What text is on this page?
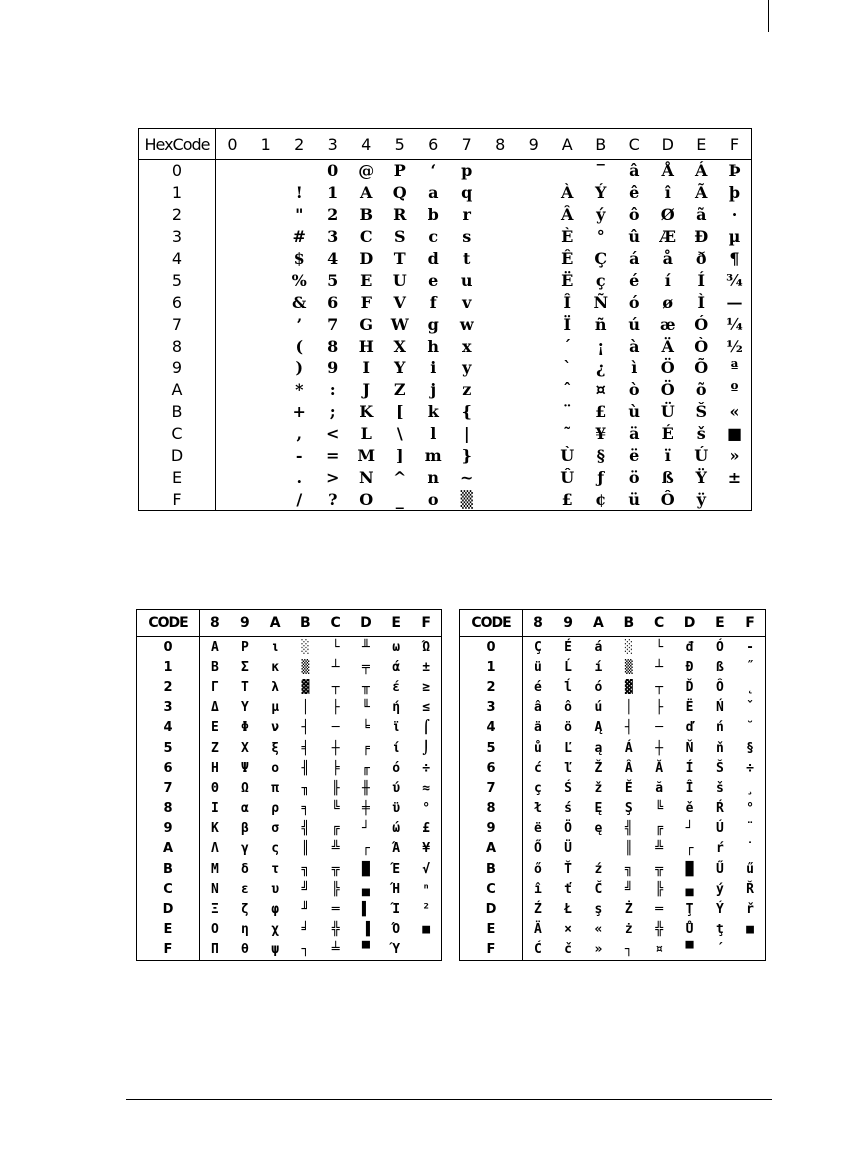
HexCode	0	1	2	3	4	5	6	7	8	9	A	B	C	D	E	F
0				0	@	P	‘	p				‾	â	Å	Á	Þ
1			!	1	A	Q	a	q			À	Ý	ê	î	Ã	þ
2			"	2	B	R	b	r			Â	ý	ô	Ø	ã	·
3			#	3	C	S	c	s			È	°	û	Æ	Ð	µ
4			$	4	D	T	d	t			Ê	Ç	á	å	ð	¶
5			%	5	E	U	e	u			Ë	ç	é	í	Í	¾
6			&	6	F	V	f	v			Î	Ñ	ó	ø	Ì	—
7			’	7	G	W	g	w			Ï	ñ	ú	æ	Ó	¼
8			(	8	H	X	h	x			´	¡	à	Ä	Ò	½
9			)	9	I	Y	i	y			`	¿	ì	Ö	Õ	ª
A			*	:	J	Z	j	z			ˆ	¤	ò	Ö	õ	º
B			+	;	K	[	k	{			¨	£	ù	Ü	Š	«
C			,	<	L	\	l	|			˜	¥	ä	É	š	■
D			-	=	M	]	m	}			Ù	§	ë	ï	Ú	»
E			.	>	N	^	n	~			Û	ƒ	ö	ß	Ÿ	±
F			/	?	O	_	o	▒			£	¢	ü	Ô	ÿ	
CODE	8	9	A	B	C	D	E	F
0	Α	Ρ	ι	░	└	╨	ω	Ώ
1	Β	Σ	κ	▒	┴	╤	ά	±
2	Γ	Τ	λ	▓	┬	╥	έ	≥
3	Δ	Υ	μ	│	├	╙	ή	≤
4	Ε	Φ	ν	┤	─	╘	ϊ	⌠
5	Ζ	Χ	ξ	╡	┼	╒	ί	⌡
6	Η	Ψ	ο	╢	╞	╓	ό	÷
7	Θ	Ω	π	╖	╟	╫	ύ	≈
8	Ι	α	ρ	╕	╚	╪	ϋ	°
9	Κ	β	σ	╣	╔	┘	ώ	£
A	Λ	γ	ς	║	╩	┌	Ά	¥
B	Μ	δ	τ	╗	╦	█	Έ	√
C	Ν	ε	υ	╝	╠	▄	Ή	ⁿ
D	Ξ	ζ	φ	╜	═	▌	Ί	²
E	Ο	η	χ	╛	╬	▐	Ό	■
F	Π	θ	ψ	┐	╧	▀	Ύ	
CODE	8	9	A	B	C	D	E	F
0	Ç	É	á	░	└	đ	Ó	-
1	ü	Ĺ	í	▒	┴	Đ	ß	˝
2	é	ĺ	ó	▓	┬	Ď	Ô	˛
3	â	ô	ú	│	├	Ë	Ń	ˇ
4	ä	ö	Ą	┤	─	ď	ń	˘
5	ů	Ľ	ą	Á	┼	Ň	ň	§
6	ć	ľ	Ž	Â	Ă	Í	Š	÷
7	ç	Ś	ž	Ě	ă	Î	š	¸
8	ł	ś	Ę	Ş	╚	ě	Ŕ	°
9	ë	Ö	ę	╣	╔	┘	Ú	¨
A	Ő	Ü		║	╩	┌	ŕ	˙
B	ő	Ť	ź	╗	╦	█	Ű	ű
C	î	ť	Č	╝	╠	▄	ý	Ř
D	Ź	Ł	ş	Ż	═	Ţ	Ý	ř
E	Ä	×	«	ż	╬	Ů	ţ	■
F	Ć	č	»	┐	¤	▀	´	
